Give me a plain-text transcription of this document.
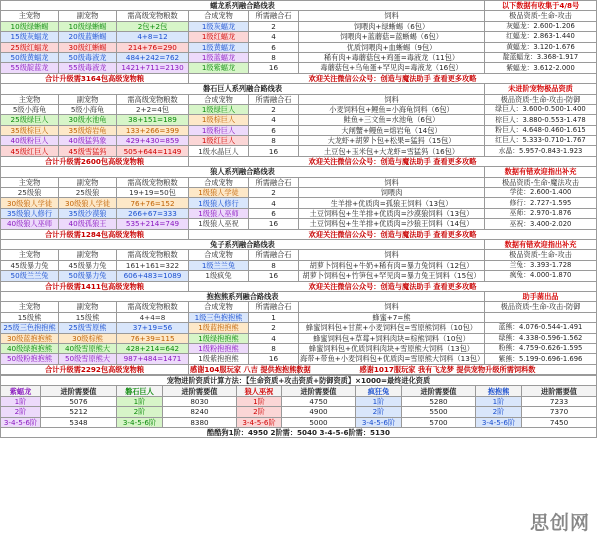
蠕龙系列融合路线表						以下数据有收集于4/8号
主宠物	副宠物	需高级宠物粮数	合成宠物	所需融合石	饲料	极品资质-生命-攻击
10级绿蜥蜴	10级绿蜥蜴	2包+2包	1级灰蝠龙	2	饲喂肉+绿蜥蜴（6包）	灰蝠龙：2.600-1.206
15级灰蝠龙	20级蓝蜥蜴	4+8=12	1级红蝠龙	4	饲喂肉+蓝蘑菇=蓝蜥蜴（6包）	红蝠龙：2.863-1.440
25级红蝠龙	30级红蜥蜴	214+76=290	1级黄蝠龙	6	优质饲喂肉+血蜥蜴（9包）	黄蝠龙：3.120-1.676
50级黄蝠龙	50级毒液龙	484+242=762	1级蓝蝠龙	8	稀有肉+毒蘑菇包+鸡蛋=毒液龙（11包）	靛蓝蝠龙：3.368-1.917
55级靛蓝龙	55级毒液龙	1421+711=2130	1级紫蝠龙	16	毒蘑菇包+乌龟蛋+罕见肉=毒液龙（16包）	紫蝠龙：3.612-2.000
合计升级需3164包高级宠物粮			欢迎关注微信公众号：创造与魔法助手 查看更多攻略			
磐石巨人系列融合路线表						未进阶宠物极品资质
主宠物	副宠物	需高级宠物粮数	合成宠物	所需融合石	饲料	极品资质-生命-攻击-防御
5级小海龟	5级小海龟	2+2=4包	1级绿巨人	2	小麦饲料包+鲤鱼=小海龟饲料（6包）	绿巨人：3.600-0.500-1.400
25级绿巨人	30级水池龟	38+151=189	1级棕巨人	4	鲑鱼+三文鱼=水池龟（6包）	棕巨人：3.880-0.553-1.478
35级棕巨人	35级熔岩龟	133+266=399	1级粉巨人	6	大闸蟹+鳗鱼=熔岩龟（14包）	粉巨人：4.648-0.460-1.615
40级粉巨人	40级猛犸象	429+430=859	1级红巨人	8	大龙虾+胡萝卜包+松果=猛犸（15包）	红巨人：5.333-0.710-1.767
45级红巨人	45级雪猛犸	505+644=1149	1级水晶巨人	16	土豆包+玉米包+大龙虾=雪猛犸（16包）	水晶：5.957-0.843-1.923
合计升级需2600包高级宠物粮			欢迎关注微信公众号：创造与魔法助手 查看更多攻略			
狼人系列融合路线表						数据有错欢迎指出补充
主宠物	副宠物	需高级宠物粮数	合成宠物	所需融合石	饲料	极品资质-生命-魔法攻击
25级狼	25级狼	19+19=50包	1级狼人学徒	2	饲喂肉	学徒：2.600-1.400
30级狼人学徒	30级狼人学徒	76+76=152	1级狼人修行	4	生羊排+优质肉=孤狼王饲料（13包）	修行：2.727-1.595
35级狼人修行	35级沙漠狼	266+67=333	1级狼人巫师	6	土豆饲料包+生羊排+优质肉=沙漠狼饲料（13包）	巫师：2.970-1.876
40级狼人巫师	40级孤狼王	535+214=749	1级狼人巫祝	16	土豆饲料包+生羊排+优质肉=沙狼王饲料（14包）	巫祝：3.400-2.020
合计升级需1284包高级宠物粮			欢迎关注微信公众号：创造与魔法助手 查看更多攻略			
兔子系列融合路线表						数据有错欢迎指出补充
主宠物	副宠物	需高级宠物粮数	合成宠物	所需融合石	饲料	极品资质-生命-攻击
45级暴力兔	45级暴力兔	161+161=322	1级兰兰兔	8	胡萝卜饲料包+牛奶+稀有肉=暴力兔饲料（12包）	兰兔：3.393-1.728
50级兰兰兔	50级暴力兔	606+483=1089	1级疯兔	16	胡萝卜饲料包+竹笋包+罕见肉=暴力兔王饲料（15包）	疯兔：4.000-1.870
合计升级需1411包高级宠物粮			欢迎关注微信公众号：创造与魔法助手 查看更多攻略			
抱抱熊系列融合路线表						助手菌出品
主宠物	副宠物	需高级宠物粮数	合成宠物	所需融合石	饲料	极品资质-生命-攻击-防御
15级熊	15级熊	4+4=8	1级三色抱抱熊	1	蜂蜜+7=熊	
25级三色抱抱熊	25级雪原熊	37+19=56	1级蓝抱抱熊	2	蜂蜜饲料包+甘蔗+小麦饲料包=雪原熊饲料（10包）	蓝熊：4.076-0.544-1.491
30级蓝抱抱熊	30级棕熊	76+39=115	1级绿抱抱熊	4	蜂蜜饲料包+草莓+饲料肉块=棕熊饲料（10包）	绿熊：4.338-0.596-1.562
40级绿抱抱熊	40级雪原熊大	428+214=642	1级粉抱抱熊	8	蜂蜜饲料包+优质饲料肉块+雪原熊大饲料（13包）	粉熊：4.759-0.626-1.595
50级粉抱抱熊	50级雪原熊大	987+484=1471	1级紫抱抱熊	16	海带+带鱼+小麦饲料包+优质肉=雪原熊大饲料（13包）	紫熊：5.199-0.696-1.696
合计升级需2292包高级宠物粮			感谢104服玩家 八吉 提供抱抱熊数据		感谢1017服玩家 我有飞龙梦 提供宠物升级所需饲料数	
宠物进阶资质计算方法：【生命资质+攻击资质+防御资质】×1000=最终进化资质									
紫蝠龙	进阶需要值	磐石巨人	进阶需要值	狼人巫祝	进阶需要值	疯狂兔	进阶需要值	抱抱熊	进阶需要值
1阶	5076	1阶	8030	1阶	4750	1阶	5280	1阶	7233
2阶	5212	2阶	8240	2阶	4900	2阶	5500	2阶	7370
3-4-5-6阶	5348	3-4-5-6阶	8380	3-4-5-6阶	5000	3-4-5-6阶	5700	3-4-5-6阶	7450
酷酷狗1阶：4950 2阶需：5040 3-4-5-6阶需：5130									
思创网
